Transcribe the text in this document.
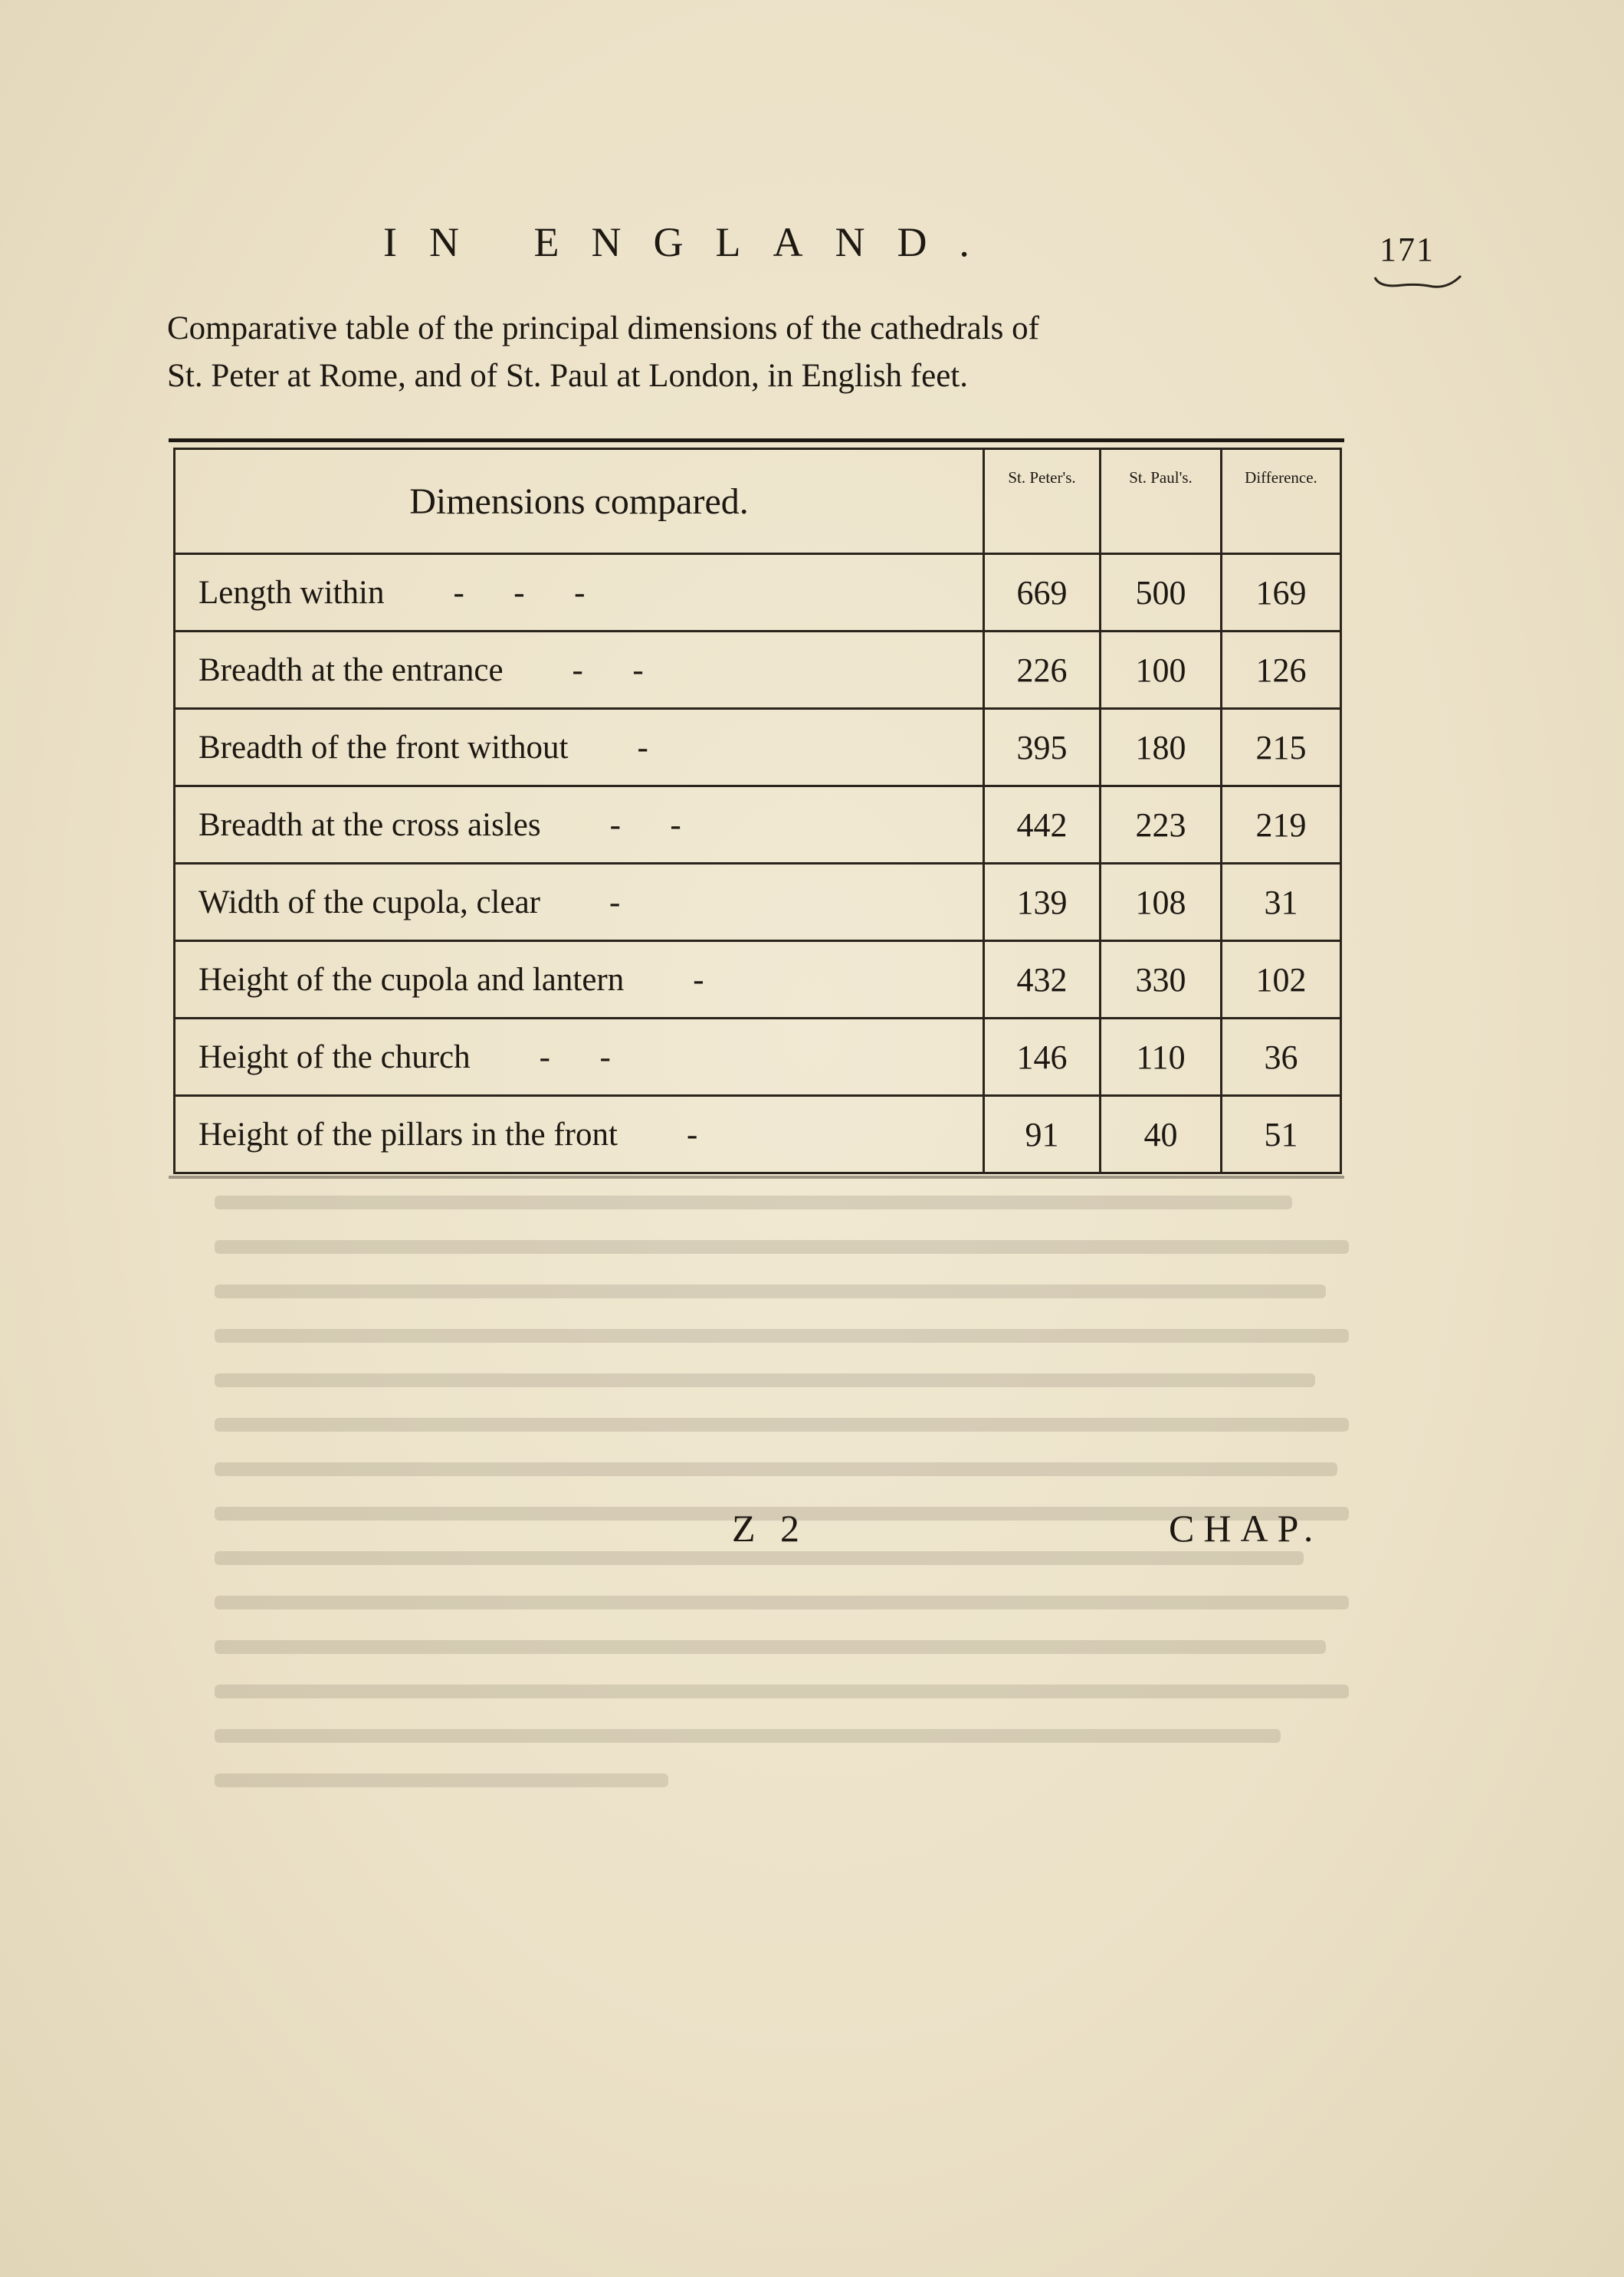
IN ENGLAND.	171
Comparative table of the principal dimensions of the cathedrals of
St. Peter at Rome, and of St. Paul at London, in English feet.
Dimensions compared.	St. Peter's.	St. Paul's.	Difference.
Length within -      -      -	669	500	169
Breadth at the entrance -      -	226	100	126
Breadth of the front without -	395	180	215
Breadth at the cross aisles -      -	442	223	219
Width of the cupola, clear -	139	108	31
Height of the cupola and lantern -	432	330	102
Height of the church -      -	146	110	36
Height of the pillars in the front -	91	40	51
Z 2	CHAP.
